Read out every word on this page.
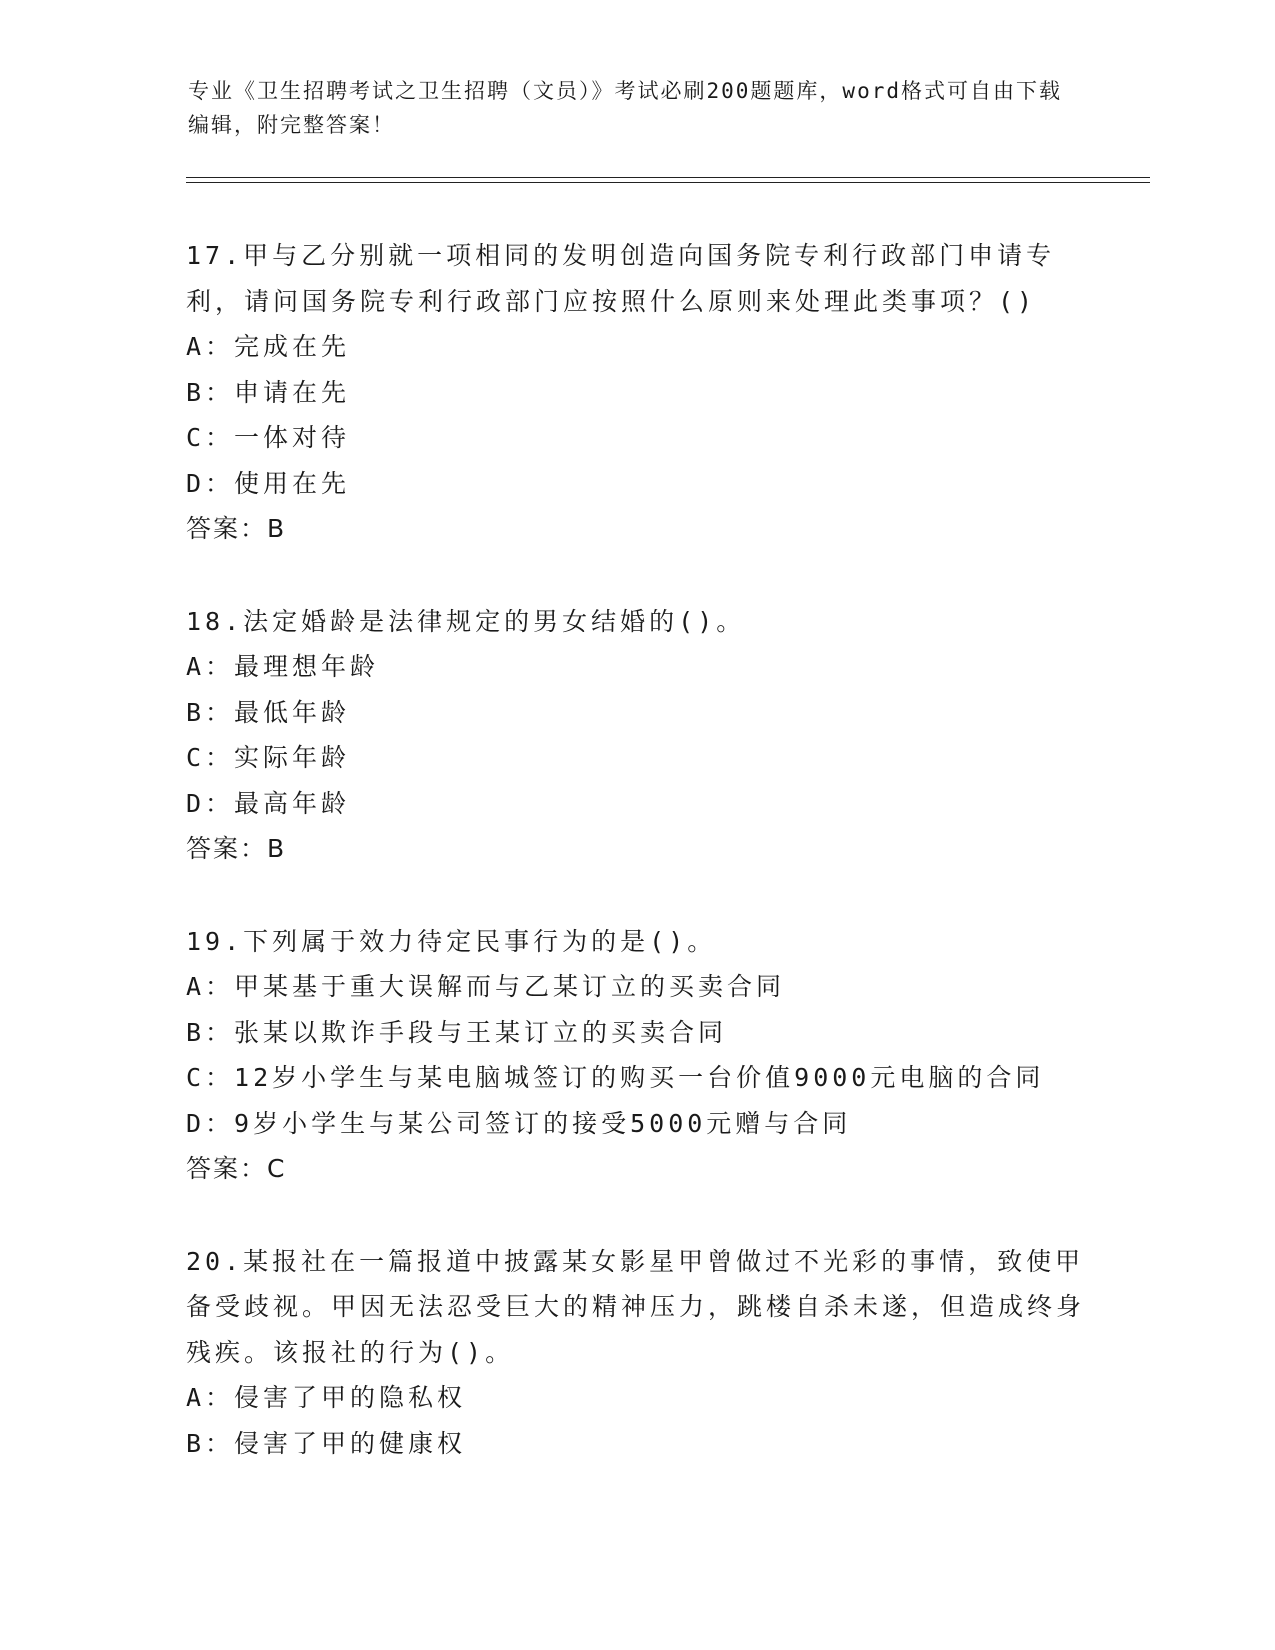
专业《卫生招聘考试之卫生招聘（文员）》考试必刷200题题库，word格式可自由下载编辑，附完整答案！

17.甲与乙分别就一项相同的发明创造向国务院专利行政部门申请专利，请问国务院专利行政部门应按照什么原则来处理此类事项？()

A：完成在先

B：申请在先

C：一体对待

D：使用在先

答案：B

18.法定婚龄是法律规定的男女结婚的()。

A：最理想年龄

B：最低年龄

C：实际年龄

D：最高年龄

答案：B

19.下列属于效力待定民事行为的是()。

A：甲某基于重大误解而与乙某订立的买卖合同

B：张某以欺诈手段与王某订立的买卖合同

C：12岁小学生与某电脑城签订的购买一台价值9000元电脑的合同

D：9岁小学生与某公司签订的接受5000元赠与合同

答案：C

20.某报社在一篇报道中披露某女影星甲曾做过不光彩的事情，致使甲备受歧视。甲因无法忍受巨大的精神压力，跳楼自杀未遂，但造成终身残疾。该报社的行为()。

A：侵害了甲的隐私权

B：侵害了甲的健康权
